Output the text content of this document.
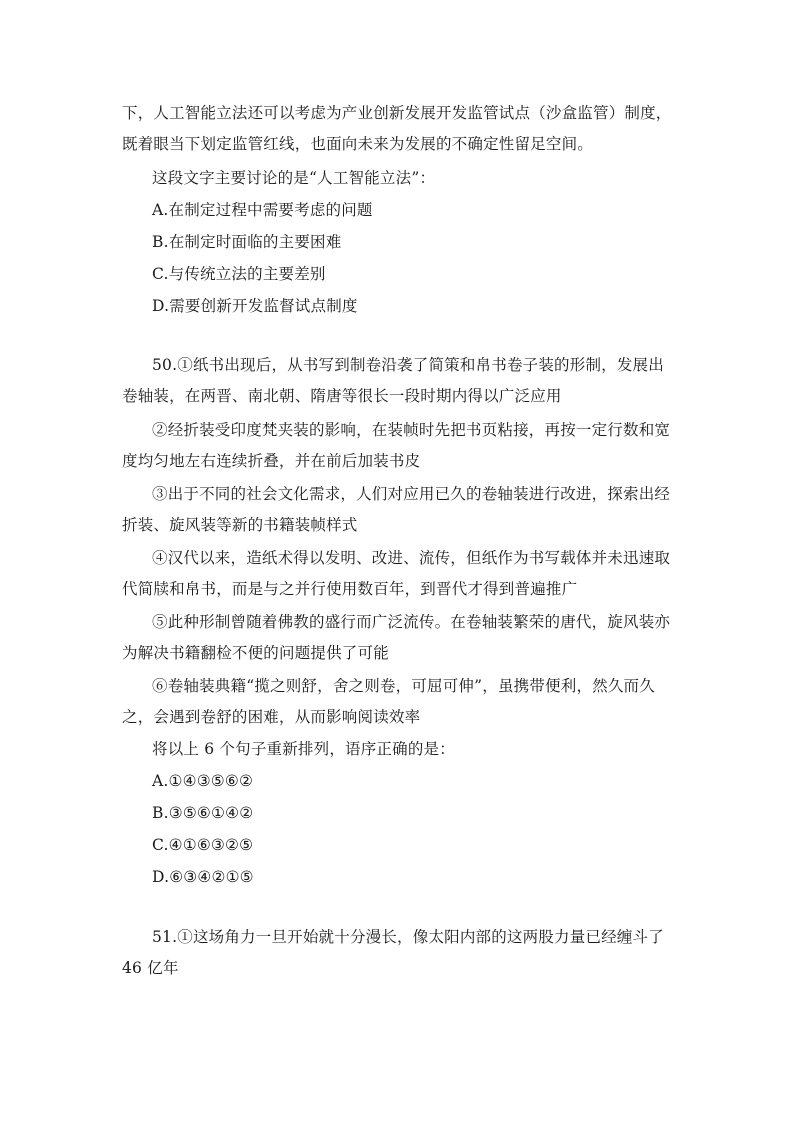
下，人工智能立法还可以考虑为产业创新发展开发监管试点（沙盒监管）制度，
既着眼当下划定监管红线，也面向未来为发展的不确定性留足空间。
这段文字主要讨论的是“人工智能立法”：
A.在制定过程中需要考虑的问题
B.在制定时面临的主要困难
C.与传统立法的主要差别
D.需要创新开发监督试点制度
50.①纸书出现后，从书写到制卷沿袭了简策和帛书卷子装的形制，发展出
卷轴装，在两晋、南北朝、隋唐等很长一段时期内得以广泛应用
②经折装受印度梵夹装的影响，在装帧时先把书页粘接，再按一定行数和宽
度均匀地左右连续折叠，并在前后加装书皮
③出于不同的社会文化需求，人们对应用已久的卷轴装进行改进，探索出经
折装、旋风装等新的书籍装帧样式
④汉代以来，造纸术得以发明、改进、流传，但纸作为书写载体并未迅速取
代简牍和帛书，而是与之并行使用数百年，到晋代才得到普遍推广
⑤此种形制曾随着佛教的盛行而广泛流传。在卷轴装繁荣的唐代，旋风装亦
为解决书籍翻检不便的问题提供了可能
⑥卷轴装典籍“揽之则舒，舍之则卷，可屈可伸”，虽携带便利，然久而久
之，会遇到卷舒的困难，从而影响阅读效率
将以上 6 个句子重新排列，语序正确的是：
A.①④③⑤⑥②
B.③⑤⑥①④②
C.④①⑥③②⑤
D.⑥③④②①⑤
51.①这场角力一旦开始就十分漫长，像太阳内部的这两股力量已经缠斗了
46 亿年
